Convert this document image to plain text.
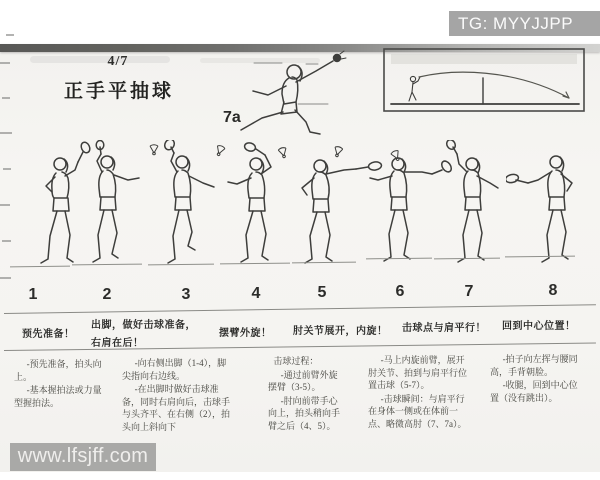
TG: MYYJJPP
www.lfsjff.com
4/7
正手平抽球
7a
1	2	3	4	5	6	7	8
预先准备！
出脚，做好击球准备，
右肩在后！
摆臂外旋！ 肘关节展开，内旋！ 击球点与肩平行！ 回到中心位置！

-预先准备，拍头向上。

-基本握拍法或力量型握拍法。

-向右侧出脚（1-4），脚尖指向右边线。

-在出脚时做好击球准备，同时右肩向后，击球手与头齐平、在右侧（2），拍头向上斜向下

击球过程：

-通过前臂外旋摆臂（3-5）。

-肘向前带手心向上，拍头稍向手臂之后（4、5）。

-马上内旋前臂，展开肘关节、拍到与肩平行位置击球（5-7）。

-击球瞬间：与肩平行在身体一侧或在体前一点、略微高肘（7、7a）。

-拍子向左挥与腰同高，手背朝脸。

-收腿，回到中心位置（没有跳出）。
